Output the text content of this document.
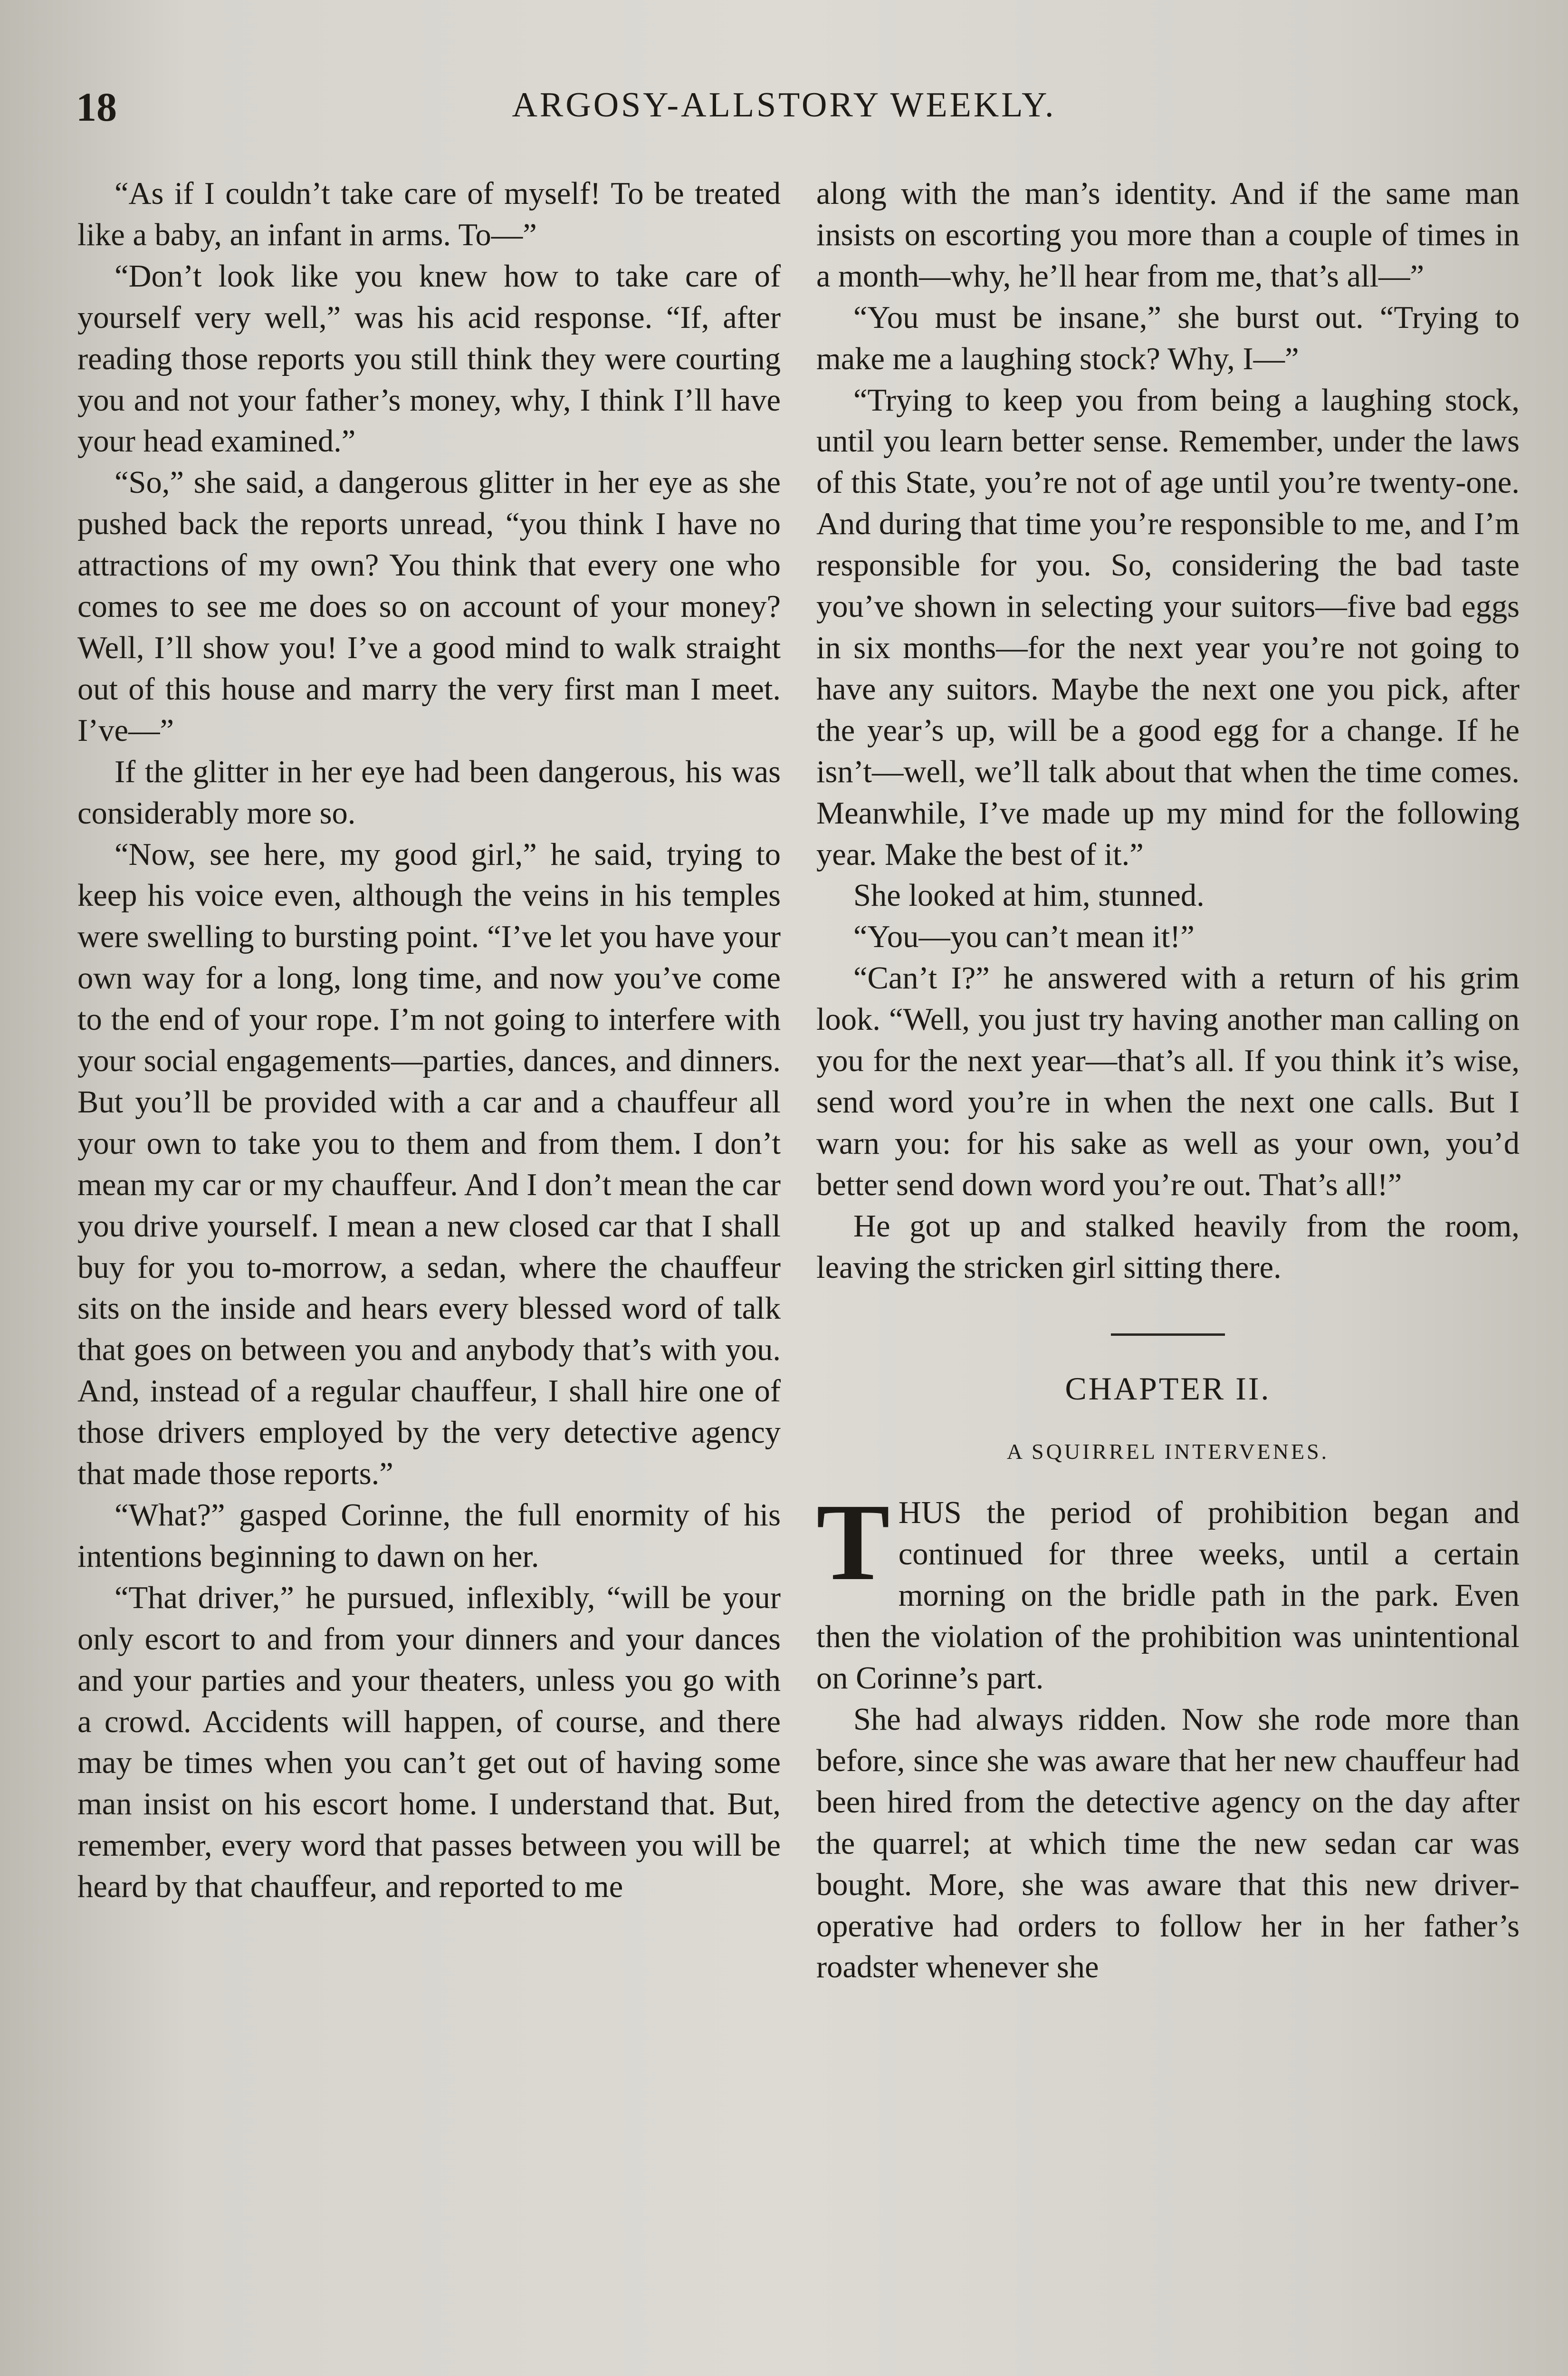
18	ARGOSY-ALLSTORY WEEKLY.

“As if I couldn’t take care of myself! To be treated like a baby, an infant in arms. To—”

“Don’t look like you knew how to take care of yourself very well,” was his acid response. “If, after reading those reports you still think they were courting you and not your father’s money, why, I think I’ll have your head examined.”

“So,” she said, a dangerous glitter in her eye as she pushed back the reports unread, “you think I have no attractions of my own? You think that every one who comes to see me does so on account of your money? Well, I’ll show you! I’ve a good mind to walk straight out of this house and marry the very first man I meet. I’ve—”

If the glitter in her eye had been dangerous, his was considerably more so.

“Now, see here, my good girl,” he said, trying to keep his voice even, although the veins in his temples were swelling to bursting point. “I’ve let you have your own way for a long, long time, and now you’ve come to the end of your rope. I’m not going to interfere with your social engagements—parties, dances, and dinners. But you’ll be provided with a car and a chauffeur all your own to take you to them and from them. I don’t mean my car or my chauffeur. And I don’t mean the car you drive yourself. I mean a new closed car that I shall buy for you to-morrow, a sedan, where the chauffeur sits on the inside and hears every blessed word of talk that goes on between you and anybody that’s with you. And, instead of a regular chauffeur, I shall hire one of those drivers employed by the very detective agency that made those reports.”

“What?” gasped Corinne, the full enormity of his intentions beginning to dawn on her.

“That driver,” he pursued, inflexibly, “will be your only escort to and from your dinners and your dances and your parties and your theaters, unless you go with a crowd. Accidents will happen, of course, and there may be times when you can’t get out of having some man insist on his escort home. I understand that. But, remember, every word that passes between you will be heard by that chauffeur, and reported to me

along with the man’s identity. And if the same man insists on escorting you more than a couple of times in a month—why, he’ll hear from me, that’s all—”

“You must be insane,” she burst out. “Trying to make me a laughing stock? Why, I—”

“Trying to keep you from being a laughing stock, until you learn better sense. Remember, under the laws of this State, you’re not of age until you’re twenty-one. And during that time you’re responsible to me, and I’m responsible for you. So, considering the bad taste you’ve shown in selecting your suitors—five bad eggs in six months—for the next year you’re not going to have any suitors. Maybe the next one you pick, after the year’s up, will be a good egg for a change. If he isn’t—well, we’ll talk about that when the time comes. Meanwhile, I’ve made up my mind for the following year. Make the best of it.”

She looked at him, stunned.

“You—you can’t mean it!”

“Can’t I?” he answered with a return of his grim look. “Well, you just try having another man calling on you for the next year—that’s all. If you think it’s wise, send word you’re in when the next one calls. But I warn you: for his sake as well as your own, you’d better send down word you’re out. That’s all!”

He got up and stalked heavily from the room, leaving the stricken girl sitting there.

CHAPTER II.
A SQUIRREL INTERVENES.

THUS the period of prohibition began and continued for three weeks, until a certain morning on the bridle path in the park. Even then the violation of the prohibition was unintentional on Corinne’s part.

She had always ridden. Now she rode more than before, since she was aware that her new chauffeur had been hired from the detective agency on the day after the quarrel; at which time the new sedan car was bought. More, she was aware that this new driver-operative had orders to follow her in her father’s roadster whenever she
